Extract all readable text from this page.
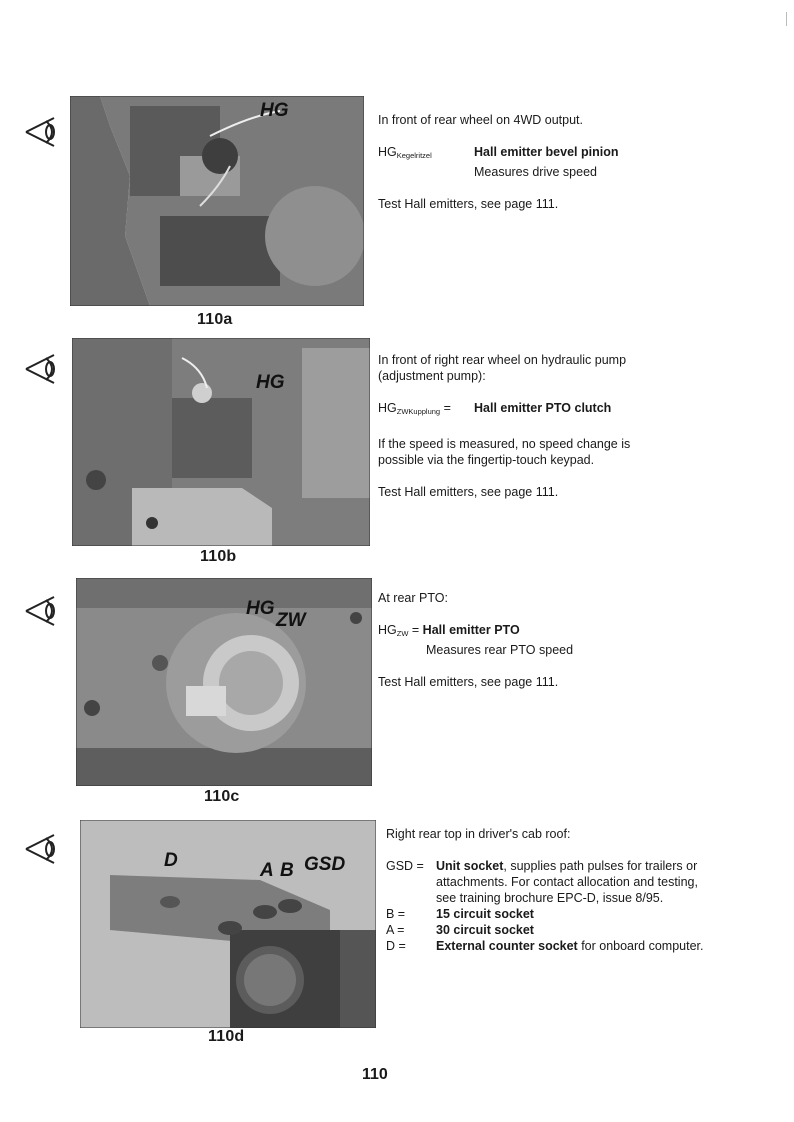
HG
110a

In front of rear wheel on 4WD output.

$HG_{Kegelritzel}$	Hall emitter bevel pinion

Measures drive speed

Test Hall emitters, see page 111.

HG
110b

In front of right rear wheel on hydraulic pump

(adjustment pump):

$HG_{ZWKupplung}$ =	Hall emitter PTO clutch

If the speed is measured, no speed change is

possible via the fingertip-touch keypad.

Test Hall emitters, see page 111.

HG
ZW
110c

At rear PTO:

$HG_{ZW}$ = Hall emitter PTO

Measures rear PTO speed

Test Hall emitters, see page 111.

D	A B GSD
110d

Right rear top in driver's cab roof:

GSD = Unit socket, supplies path pulses for trailers or attachments. For contact allocation and testing, see training brochure EPC-D, issue 8/95.
B =	15 circuit socket
A =	30 circuit socket
D =	External counter socket for onboard computer.
110
